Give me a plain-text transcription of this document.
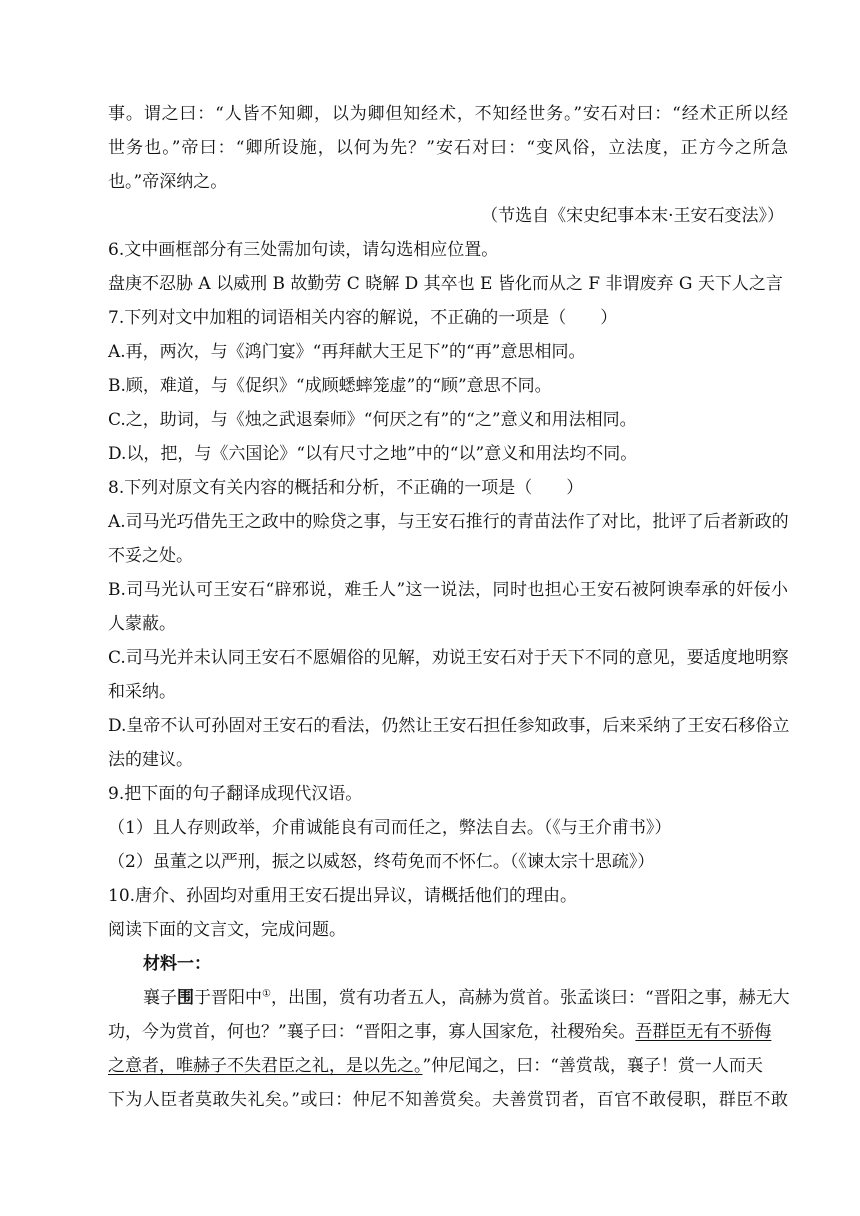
事。谓之曰：“人皆不知卿，以为卿但知经术，不知经世务。”安石对曰：“经术正所以经
世务也。”帝曰：“卿所设施，以何为先？”安石对曰：“变风俗，立法度，正方今之所急
也。”帝深纳之。
（节选自《宋史纪事本末·王安石变法》）
6.文中画框部分有三处需加句读，请勾选相应位置。
盘庚不忍胁 A 以威刑 B 故勤劳 C 晓解 D 其卒也 E 皆化而从之 F 非谓废弃 G 天下人之言
7.下列对文中加粗的词语相关内容的解说，不正确的一项是（　　）
A.再，两次，与《鸿门宴》“再拜献大王足下”的“再”意思相同。
B.顾，难道，与《促织》“成顾蟋蟀笼虚”的“顾”意思不同。
C.之，助词，与《烛之武退秦师》“何厌之有”的“之”意义和用法相同。
D.以，把，与《六国论》“以有尺寸之地”中的“以”意义和用法均不同。
8.下列对原文有关内容的概括和分析，不正确的一项是（　　）
A.司马光巧借先王之政中的赊贷之事，与王安石推行的青苗法作了对比，批评了后者新政的
不妥之处。
B.司马光认可王安石“辟邪说，难壬人”这一说法，同时也担心王安石被阿谀奉承的奸佞小
人蒙蔽。
C.司马光并未认同王安石不愿媚俗的见解，劝说王安石对于天下不同的意见，要适度地明察
和采纳。
D.皇帝不认可孙固对王安石的看法，仍然让王安石担任参知政事，后来采纳了王安石移俗立
法的建议。
9.把下面的句子翻译成现代汉语。
（1）且人存则政举，介甫诚能良有司而任之，弊法自去。（《与王介甫书》）
（2）虽董之以严刑，振之以威怒，终苟免而不怀仁。（《谏太宗十思疏》）
10.唐介、孙固均对重用王安石提出异议，请概括他们的理由。
阅读下面的文言文，完成问题。
材料一：
襄子围于晋阳中①，出围，赏有功者五人，高赫为赏首。张孟谈曰：“晋阳之事，赫无大
功，今为赏首，何也？”襄子曰：“晋阳之事，寡人国家危，社稷殆矣。吾群臣无有不骄侮
之意者，唯赫子不失君臣之礼，是以先之。”仲尼闻之，曰：“善赏哉，襄子！赏一人而天
下为人臣者莫敢失礼矣。”或曰：仲尼不知善赏矣。夫善赏罚者，百官不敢侵职，群臣不敢
